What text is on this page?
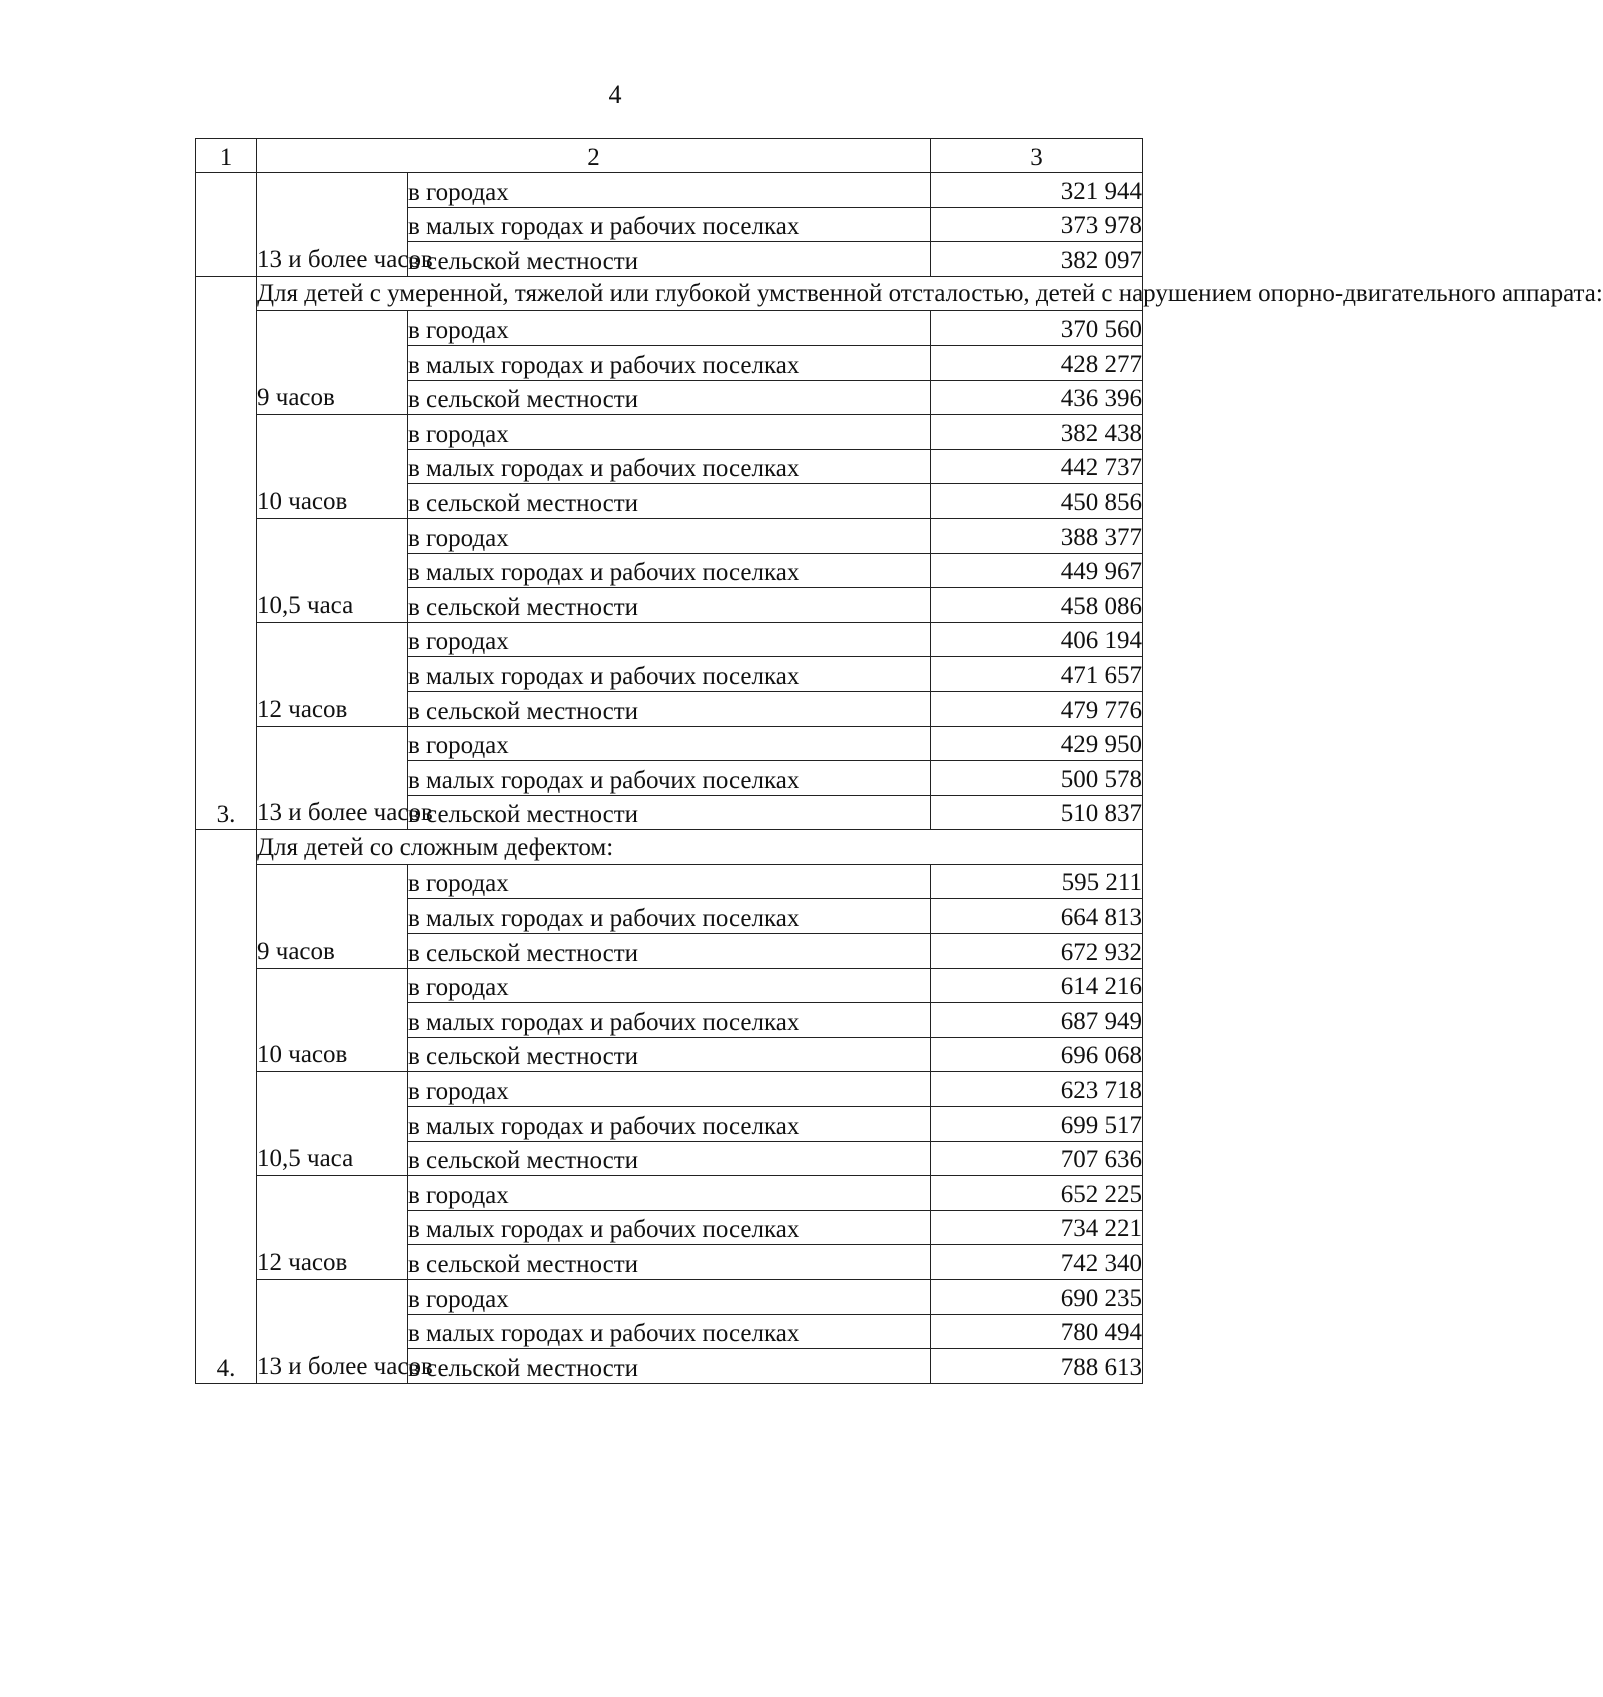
4
1	2		3
	13 и более часов	в городах	321 944
		в малых городах и рабочих поселках	373 978
		в сельской местности	382 097
3.	Для детей с умеренной, тяжелой или глубокой умственной отсталостью, детей с нарушением опорно-двигательного аппарата:		

	9 часов	в городах	370 560
		в малых городах и рабочих поселках	428 277
		в сельской местности	436 396
	10 часов	в городах	382 438
		в малых городах и рабочих поселках	442 737
		в сельской местности	450 856
	10,5 часа	в городах	388 377
		в малых городах и рабочих поселках	449 967
		в сельской местности	458 086
	12 часов	в городах	406 194
		в малых городах и рабочих поселках	471 657
		в сельской местности	479 776
	13 и более часов	в городах	429 950
		в малых городах и рабочих поселках	500 578
		в сельской местности	510 837
4.	Для детей со сложным дефектом:		

	9 часов	в городах	595 211
		в малых городах и рабочих поселках	664 813
		в сельской местности	672 932
	10 часов	в городах	614 216
		в малых городах и рабочих поселках	687 949
		в сельской местности	696 068
	10,5 часа	в городах	623 718
		в малых городах и рабочих поселках	699 517
		в сельской местности	707 636
	12 часов	в городах	652 225
		в малых городах и рабочих поселках	734 221
		в сельской местности	742 340
	13 и более часов	в городах	690 235
		в малых городах и рабочих поселках	780 494
		в сельской местности	788 613
